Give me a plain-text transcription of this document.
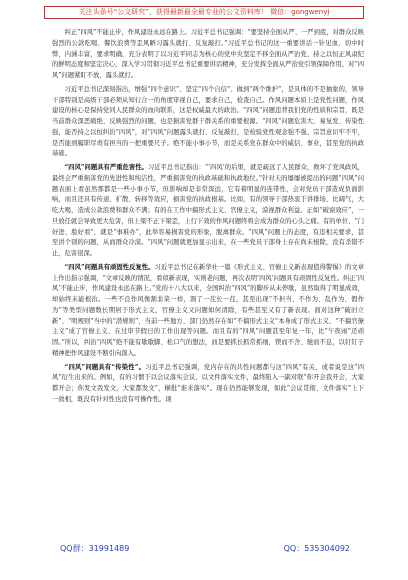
关注头条号“公文研究”，获得最新最全最专业的公文资料库！ 微信：gongwenyj

纠正“四风”不能止步，作风建设永远在路上。习近平总书记强调：“要坚持全面从严、一严到底，对群众反映强烈的公款吃喝、餐饮浪费等歪风陋习露头就打、反复敲打。”习近平总书记的这一重要讲话一针见血、切中时弊，内涵丰富，要求明确，充分表明了以习近平同志为核心的党中央坚定不移全面从严治党、持之以恒正风肃纪的鲜明态度和坚定决心，深入学习贯彻习近平总书记重要讲话精神，充分发挥全面从严治党引领保障作用，对“四风”问题紧盯不放、露头就打。

习近平总书记深刻指出，增强“四个意识”、坚定“四个自信”、做到“两个维护”，是具体的不是抽象的，领导干部特别是高级干部必须从知行合一的角度审视自己，要求自己，检查自己。作风问题本质上是党性问题，作风建设的核心是保持党同人民群众的血肉联系，这是权威最大的政治。“四风”问题违背我们党的性质和宗旨，既是当前群众深恶痛绝、反映强烈的问题，也是损害党群干群关系的重要根源。“四风”问题危害大、易复发、传染性强，能否持之以恒纠治“四风”，对“四风”问题露头就打、反复敲打，是检验党性观念强不强、宗旨意识牢不牢，是否能到履职尽责有担当的一把重要尺子。绝不能小事小节，而是关系党在群众中的威信、事业，甚至党的执政基础。

“四风”问题具有严重危害性。习近平总书记指出：“‘四风’的后果，就是疏远了人民群众，败坏了党风政风，最终会严重损害党的先进性和纯洁性，严重损害党的执政基础和执政地位。”针对天的屡屡被提出的问题“四风”问题表面上看虽然那都是一些小事小节，但影响却是非常深远，它有着明显的连带性，会对党员干部造成负面影响，而且还具有传递、扩散、转移等效应，损害党的执政根基。比如，有的领导干部热衷于讲排场、比阔气，大吃大喝，造成公款浪费和群众不满；有的在工作中搞形式主义、官僚主义，漠视群众利益。正如“破窗效应”，一旦放任就会导致更大危害，但上梁不正下梁歪，上行下效的作风问题终将会成为群众的心头之痛。有的单位、“门好进、脸好看”，就是“事难办”，此举容易损害党的形象，脱离群众。“四风”问题上的态度，有违相关要求，甚至讲个别的问题，从而群众冷漠。“四风”问题就更加显示出来，在一些党员干部身上存在尚未根除，没有杀错不止，危害很深。

“四风”问题具有顽固性反复性。习近平总书记在新华社一篇《形式主义、官僚主义新表现值得警惕》的文章上作出指示强调，“文章反映的情况，看似新表现，实则老问题，再次表明‘四风’问题具有顽固性反复性。纠正‘四风’不能止步，作风建设永远在路上。”党的十八大以来，全国纠治“四风”的脚步从未停歇，虽然取得了明显成效，却始终未能根治。一些不良作风像割韭菜一样，割了一茬长一茬，甚至出现“不担当、不作为、乱作为、假作为”等类型问题数长期居于形式主义，官僚主义又问题如何清除，有些甚至又有了新表现。面对这种“破旧立新”、“明规则”当中的“潜规则”，当前一些地方、部门仍然存在如“不搞形式主义”本身成了形式主义、“不搞官僚主义”成了官僚主义、在过审节假日的工作出现等问题。而且有的“四风”问题甚至年复一年，比“午夜雨”还顽固。”所以，纠治“四风”绝不能有歇歇脚、松口气的想法，而是要抓长抓常抓细，锲而不舍、驰而不息，以钉钉子精神把作风建设不断引向深入。

“四风”问题具有“传染性”。习近平总书记强调，党内存在的共性问题都与这“四风”有关，或者说是这“四风”衍生出来的。例如，有的习惯于以会议落实会议，以文件落实文件，最终陷入一副对联“你开会我开会，大家都开会；你发文我发文，大家都发文”，横批“谁来落实”。现在仍然能够发现，如此“会议贯彻、文件落实”上下一致相，既没有针对性也没有可操作性。现

QQ群：31991489	QQ：535304092
